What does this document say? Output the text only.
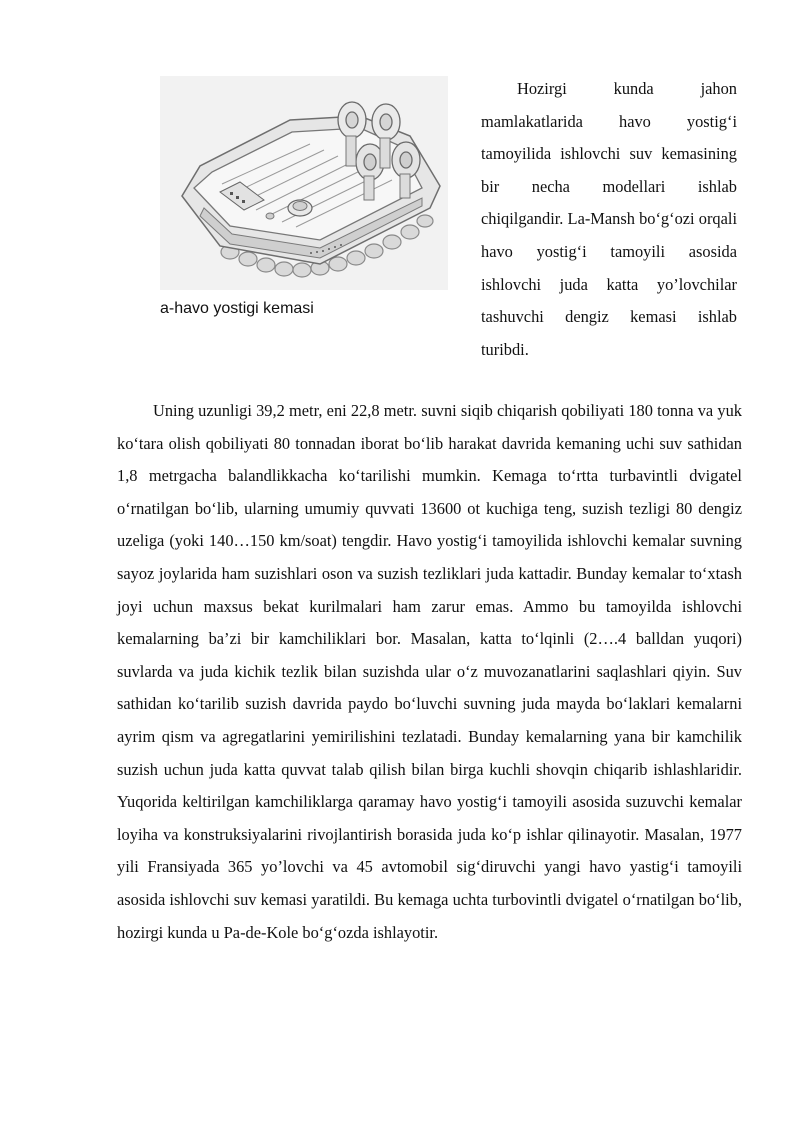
a-havo yostigi kemasi

Hozirgi kunda jahon mamlakatlarida havo yostig‘i tamoyilida ishlovchi suv kemasining bir necha modellari ishlab chiqilgandir. La-Mansh bo‘g‘ozi orqali havo yostig‘i tamoyili asosida ishlovchi juda katta yo’lovchilar tashuvchi dengiz kemasi ishlab turibdi.

Uning uzunligi 39,2 metr, eni 22,8 metr. suvni siqib chiqarish qobiliyati 180 tonna va yuk ko‘tara olish qobiliyati 80 tonnadan iborat bo‘lib harakat davrida kemaning uchi suv sathidan 1,8 metrgacha balandlikkacha ko‘tarilishi mumkin. Kemaga to‘rtta turbavintli dvigatel o‘rnatilgan bo‘lib, ularning umumiy quvvati 13600 ot kuchiga teng, suzish tezligi 80 dengiz uzeliga (yoki 140…150 km/soat) tengdir. Havo yostig‘i tamoyilida ishlovchi kemalar suvning sayoz joylarida ham suzishlari oson va suzish tezliklari juda kattadir. Bunday kemalar to‘xtash joyi uchun maxsus bekat kurilmalari ham zarur emas. Ammo bu tamoyilda ishlovchi kemalarning ba’zi bir kamchiliklari bor. Masalan, katta to‘lqinli (2….4 balldan yuqori) suvlarda va juda kichik tezlik bilan suzishda ular o‘z muvozanatlarini saqlashlari qiyin. Suv sathidan ko‘tarilib suzish davrida paydo bo‘luvchi suvning juda mayda bo‘laklari kemalarni ayrim qism va agregatlarini yemirilishini tezlatadi. Bunday kemalarning yana bir kamchilik suzish uchun juda katta quvvat talab qilish bilan birga kuchli shovqin chiqarib ishlashlaridir. Yuqorida keltirilgan kamchiliklarga qaramay havo yostig‘i tamoyili asosida suzuvchi kemalar loyiha va konstruksiyalarini rivojlantirish borasida juda ko‘p ishlar qilinayotir. Masalan, 1977 yili Fransiyada 365 yo’lovchi va 45 avtomobil sig‘diruvchi yangi havo yastig‘i tamoyili asosida ishlovchi suv kemasi yaratildi. Bu kemaga uchta turbovintli dvigatel o‘rnatilgan bo‘lib, hozirgi kunda u Pa-de-Kole bo‘g‘ozda ishlayotir.
